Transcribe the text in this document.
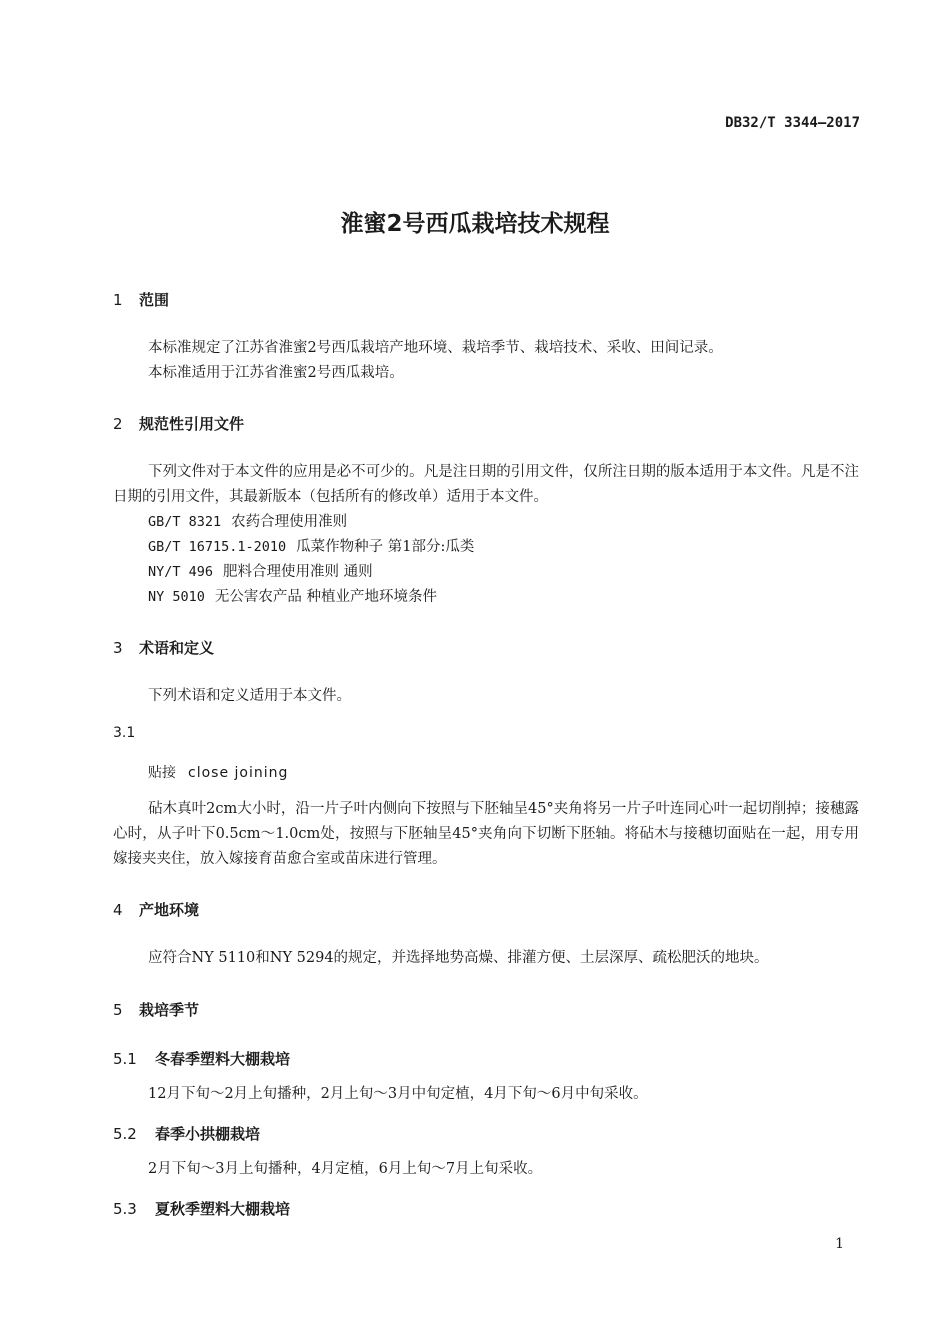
DB32/T 3344—2017
淮蜜2号西瓜栽培技术规程
1 范围

本标准规定了江苏省淮蜜2号西瓜栽培产地环境、栽培季节、栽培技术、采收、田间记录。

本标准适用于江苏省淮蜜2号西瓜栽培。

2 规范性引用文件

下列文件对于本文件的应用是必不可少的。凡是注日期的引用文件，仅所注日期的版本适用于本文件。凡是不注日期的引用文件，其最新版本（包括所有的修改单）适用于本文件。

GB/T 8321 农药合理使用准则
GB/T 16715.1-2010 瓜菜作物种子 第1部分:瓜类
NY/T 496 肥料合理使用准则 通则
NY 5010 无公害农产品 种植业产地环境条件
3 术语和定义

下列术语和定义适用于本文件。

3.1
贴接 close joining

砧木真叶2cm大小时，沿一片子叶内侧向下按照与下胚轴呈45°夹角将另一片子叶连同心叶一起切削掉；接穗露心时，从子叶下0.5cm～1.0cm处，按照与下胚轴呈45°夹角向下切断下胚轴。将砧木与接穗切面贴在一起，用专用嫁接夹夹住，放入嫁接育苗愈合室或苗床进行管理。

4 产地环境

应符合NY 5110和NY 5294的规定，并选择地势高燥、排灌方便、土层深厚、疏松肥沃的地块。

5 栽培季节
5.1 冬春季塑料大棚栽培

12月下旬～2月上旬播种，2月上旬～3月中旬定植，4月下旬～6月中旬采收。

5.2 春季小拱棚栽培

2月下旬～3月上旬播种，4月定植，6月上旬～7月上旬采收。

5.3 夏秋季塑料大棚栽培
1
